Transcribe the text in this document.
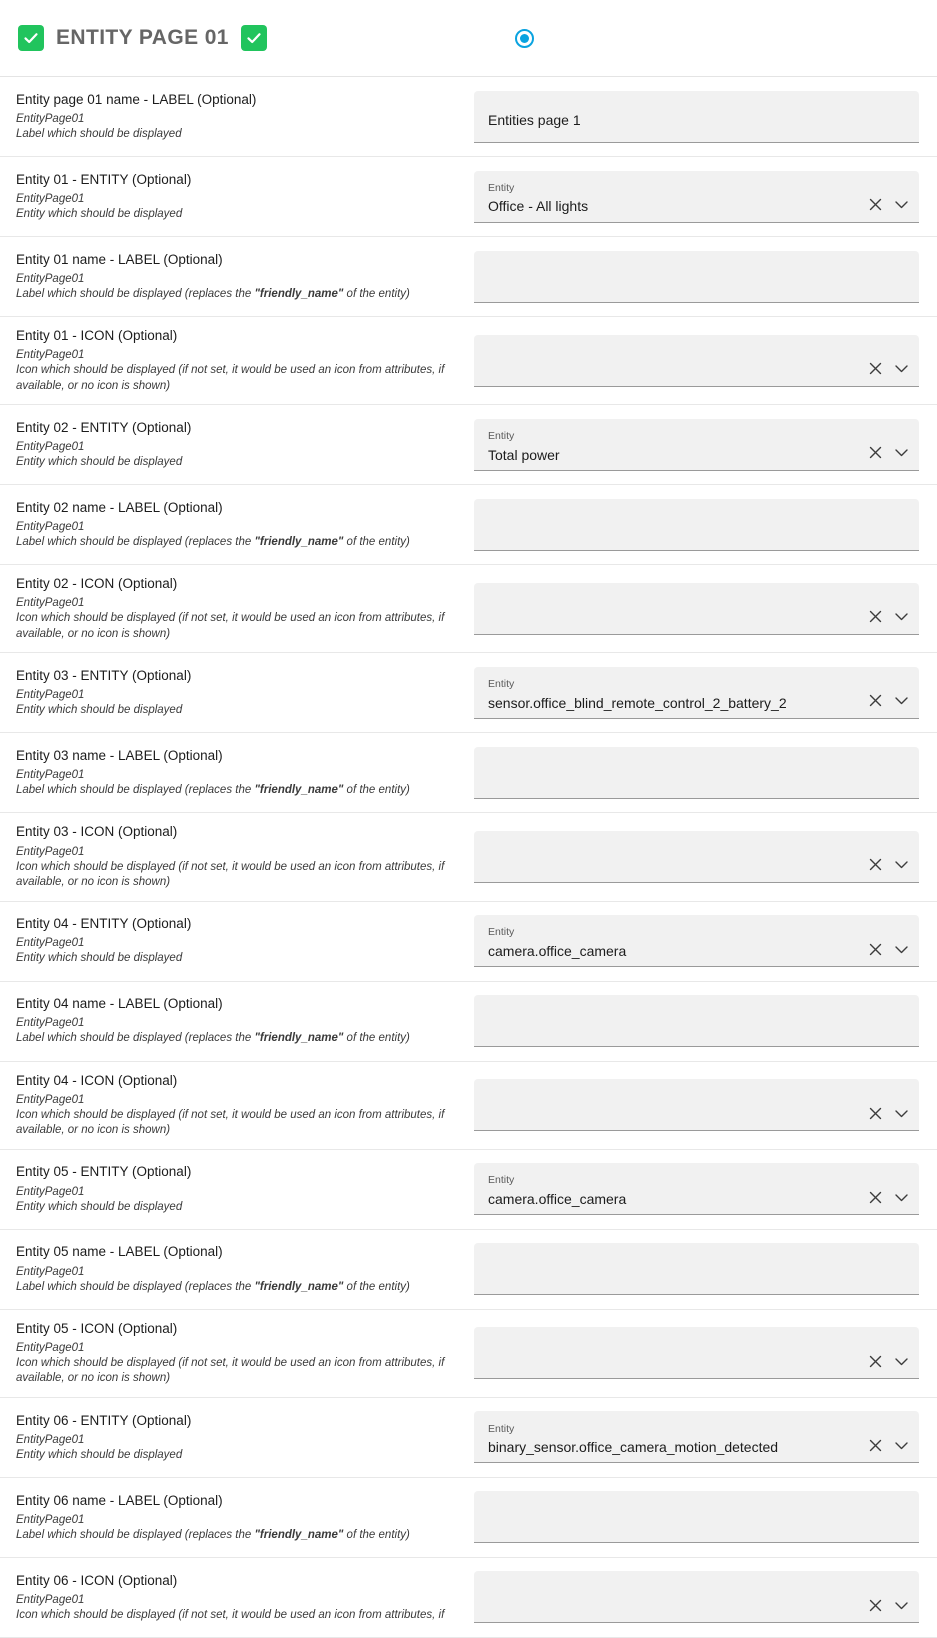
ENTITY PAGE 01
Entity page 01 name - LABEL (Optional)
EntityPage01
Label which should be displayed
Entities page 1
Entity 01 - ENTITY (Optional)
EntityPage01
Entity which should be displayed
Entity
Office - All lights
Entity 01 name - LABEL (Optional)
EntityPage01
Label which should be displayed (replaces the "friendly_name" of the entity)
Entity 01 - ICON (Optional)
EntityPage01
Icon which should be displayed (if not set, it would be used an icon from attributes, if available, or no icon is shown)
Entity 02 - ENTITY (Optional)
EntityPage01
Entity which should be displayed
Entity
Total power
Entity 02 name - LABEL (Optional)
EntityPage01
Label which should be displayed (replaces the "friendly_name" of the entity)
Entity 02 - ICON (Optional)
EntityPage01
Icon which should be displayed (if not set, it would be used an icon from attributes, if available, or no icon is shown)
Entity 03 - ENTITY (Optional)
EntityPage01
Entity which should be displayed
Entity
sensor.office_blind_remote_control_2_battery_2
Entity 03 name - LABEL (Optional)
EntityPage01
Label which should be displayed (replaces the "friendly_name" of the entity)
Entity 03 - ICON (Optional)
EntityPage01
Icon which should be displayed (if not set, it would be used an icon from attributes, if available, or no icon is shown)
Entity 04 - ENTITY (Optional)
EntityPage01
Entity which should be displayed
Entity
camera.office_camera
Entity 04 name - LABEL (Optional)
EntityPage01
Label which should be displayed (replaces the "friendly_name" of the entity)
Entity 04 - ICON (Optional)
EntityPage01
Icon which should be displayed (if not set, it would be used an icon from attributes, if available, or no icon is shown)
Entity 05 - ENTITY (Optional)
EntityPage01
Entity which should be displayed
Entity
camera.office_camera
Entity 05 name - LABEL (Optional)
EntityPage01
Label which should be displayed (replaces the "friendly_name" of the entity)
Entity 05 - ICON (Optional)
EntityPage01
Icon which should be displayed (if not set, it would be used an icon from attributes, if available, or no icon is shown)
Entity 06 - ENTITY (Optional)
EntityPage01
Entity which should be displayed
Entity
binary_sensor.office_camera_motion_detected
Entity 06 name - LABEL (Optional)
EntityPage01
Label which should be displayed (replaces the "friendly_name" of the entity)
Entity 06 - ICON (Optional)
EntityPage01
Icon which should be displayed (if not set, it would be used an icon from attributes, if
